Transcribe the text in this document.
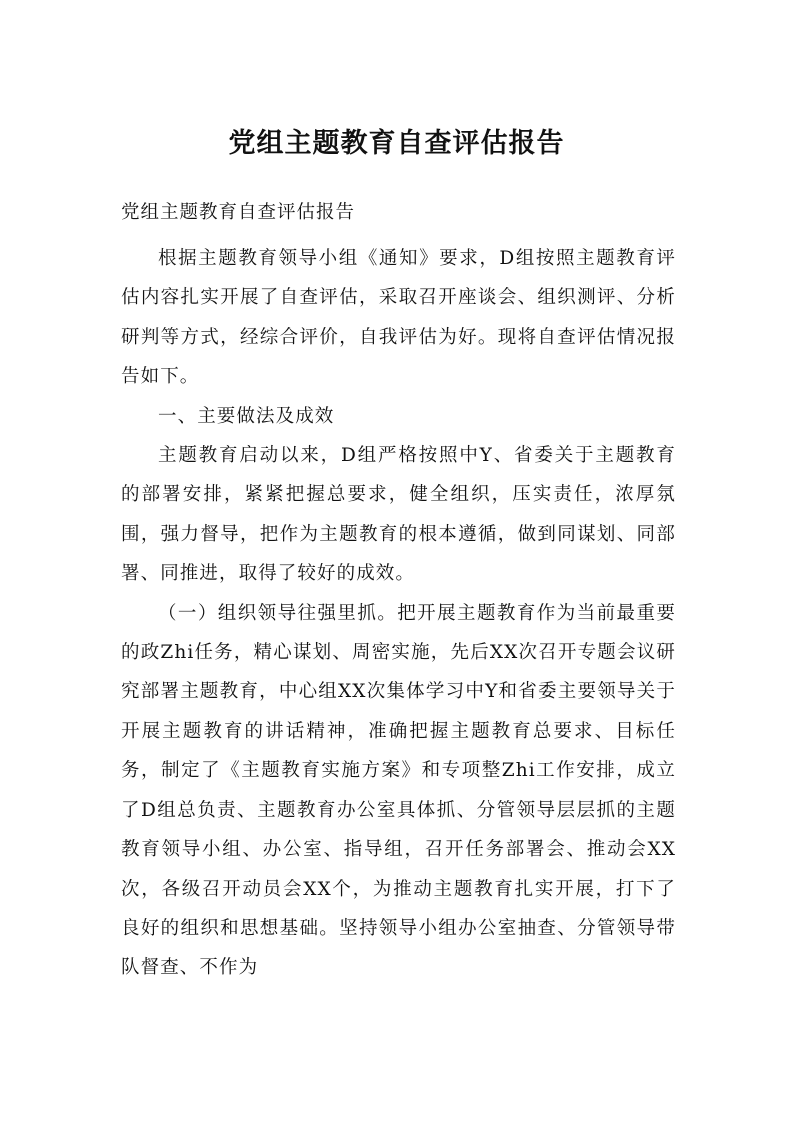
党组主题教育自查评估报告

党组主题教育自查评估报告

根据主题教育领导小组《通知》要求，D组按照主题教育评估内容扎实开展了自查评估，采取召开座谈会、组织测评、分析研判等方式，经综合评价，自我评估为好。现将自查评估情况报告如下。

一、主要做法及成效

主题教育启动以来，D组严格按照中Y、省委关于主题教育的部署安排，紧紧把握总要求，健全组织，压实责任，浓厚氛围，强力督导，把作为主题教育的根本遵循，做到同谋划、同部署、同推进，取得了较好的成效。

（一）组织领导往强里抓。把开展主题教育作为当前最重要的政Zhi任务，精心谋划、周密实施，先后XX次召开专题会议研究部署主题教育，中心组XX次集体学习中Y和省委主要领导关于开展主题教育的讲话精神，准确把握主题教育总要求、目标任务，制定了《主题教育实施方案》和专项整Zhi工作安排，成立了D组总负责、主题教育办公室具体抓、分管领导层层抓的主题教育领导小组、办公室、指导组，召开任务部署会、推动会XX次，各级召开动员会XX个，为推动主题教育扎实开展，打下了良好的组织和思想基础。坚持领导小组办公室抽查、分管领导带队督查、不作为
